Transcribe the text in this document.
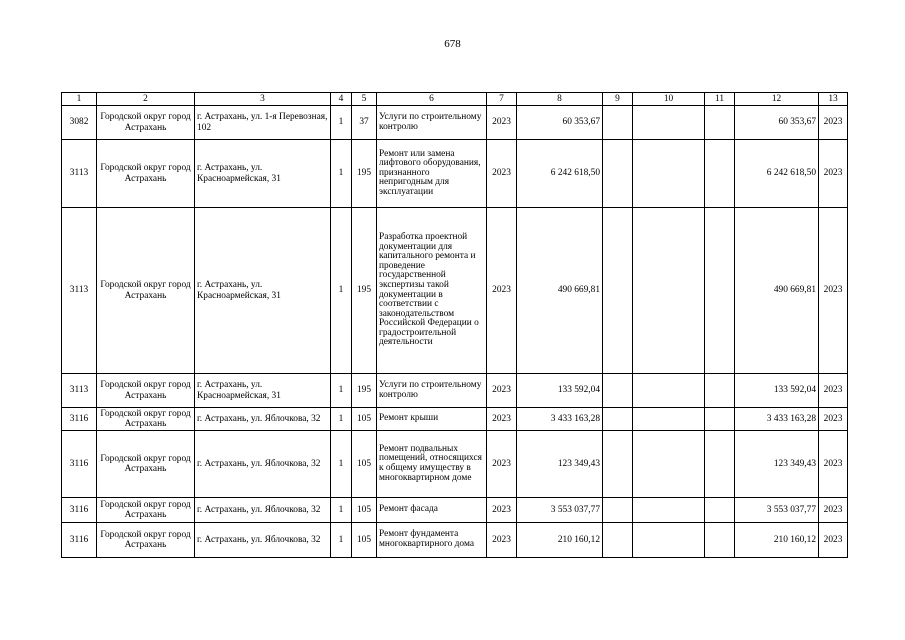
678
1	2	3	4	5	6	7	8	9	10	11	12	13
3082	Городской округ город Астрахань	г. Астрахань, ул. 1-я Перевозная, 102	1	37	Услуги по строительному контролю	2023	60 353,67				60 353,67	2023
3113	Городской округ город Астрахань	г. Астрахань, ул. Красноармейская, 31	1	195	Ремонт или замена лифтового оборудования, признанного непригодным для эксплуатации	2023	6 242 618,50				6 242 618,50	2023
3113	Городской округ город Астрахань	г. Астрахань, ул. Красноармейская, 31	1	195	Разработка проектной документации для капитального ремонта и проведение государственной экспертизы такой документации в соответствии с законодательством Российской Федерации о градостроительной деятельности	2023	490 669,81				490 669,81	2023
3113	Городской округ город Астрахань	г. Астрахань, ул. Красноармейская, 31	1	195	Услуги по строительному контролю	2023	133 592,04				133 592,04	2023
3116	Городской округ город Астрахань	г. Астрахань, ул. Яблочкова, 32	1	105	Ремонт крыши	2023	3 433 163,28				3 433 163,28	2023
3116	Городской округ город Астрахань	г. Астрахань, ул. Яблочкова, 32	1	105	Ремонт подвальных помещений, относящихся к общему имуществу в многоквартирном доме	2023	123 349,43				123 349,43	2023
3116	Городской округ город Астрахань	г. Астрахань, ул. Яблочкова, 32	1	105	Ремонт фасада	2023	3 553 037,77				3 553 037,77	2023
3116	Городской округ город Астрахань	г. Астрахань, ул. Яблочкова, 32	1	105	Ремонт фундамента многоквартирного дома	2023	210 160,12				210 160,12	2023
